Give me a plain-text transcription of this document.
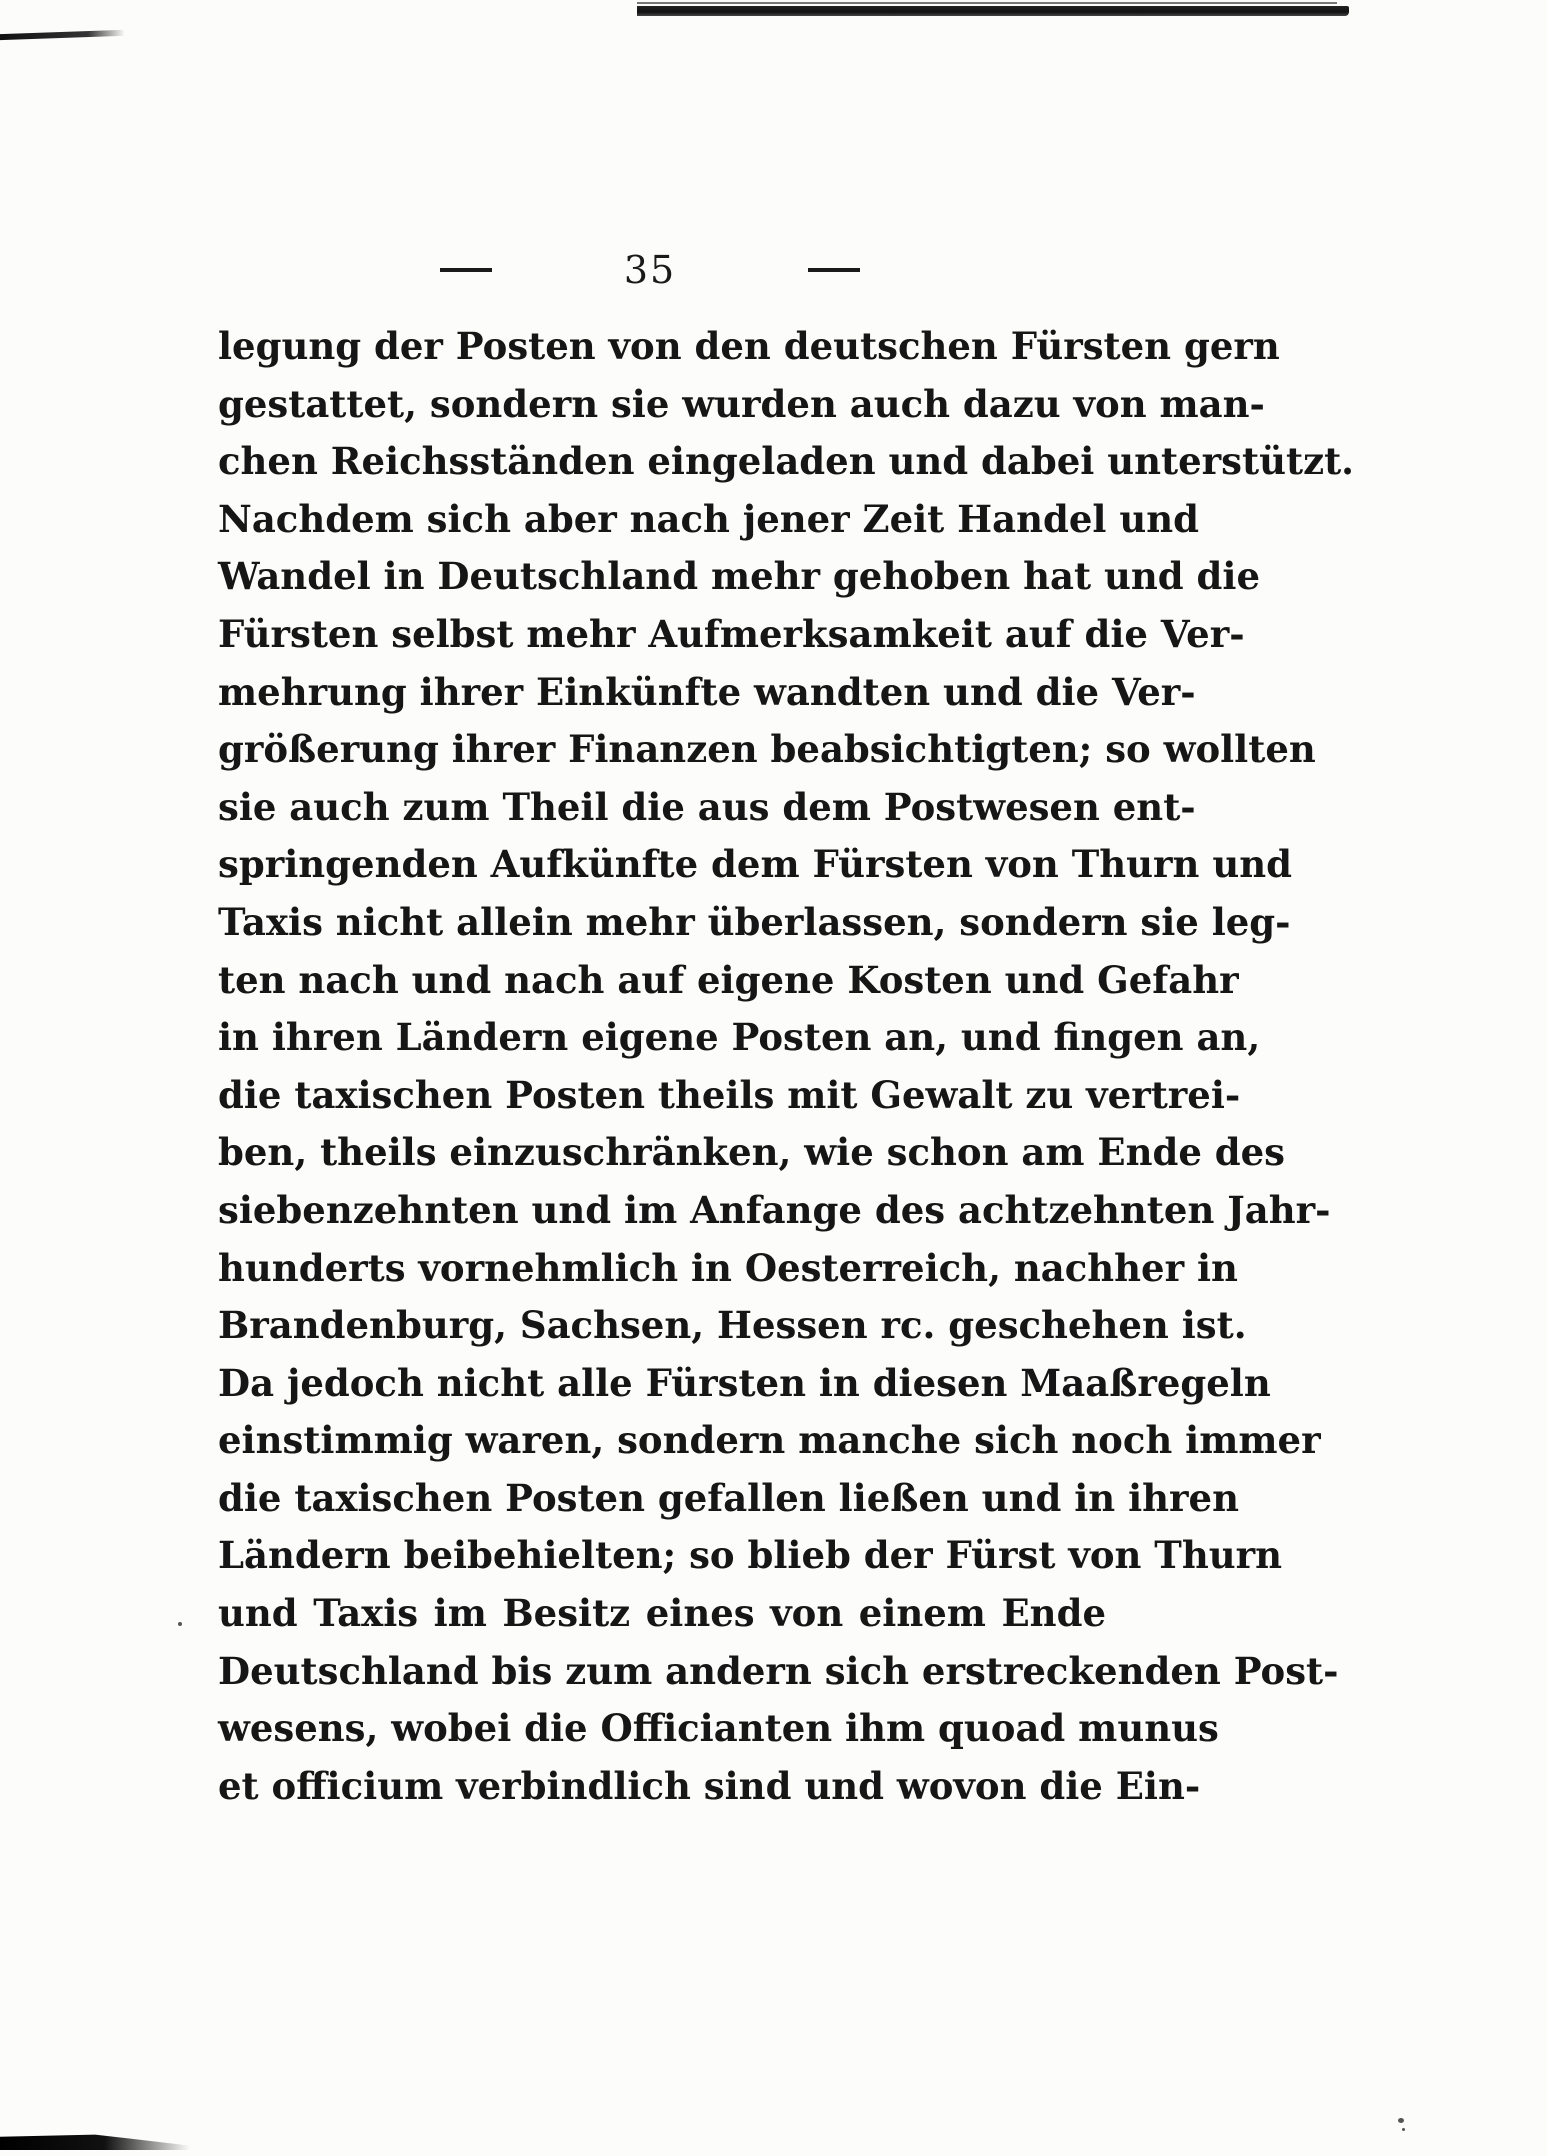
35
legung der Posten von den deutschen Fürsten gern
gestattet, sondern sie wurden auch dazu von man-
chen Reichsständen eingeladen und dabei unterstützt.
Nachdem sich aber nach jener Zeit Handel und
Wandel in Deutschland mehr gehoben hat und die
Fürsten selbst mehr Aufmerksamkeit auf die Ver-
mehrung ihrer Einkünfte wandten und die Ver-
größerung ihrer Finanzen beabsichtigten; so wollten
sie auch zum Theil die aus dem Postwesen ent-
springenden Aufkünfte dem Fürsten von Thurn und
Taxis nicht allein mehr überlassen, sondern sie leg-
ten nach und nach auf eigene Kosten und Gefahr
in ihren Ländern eigene Posten an, und fingen an,
die taxischen Posten theils mit Gewalt zu vertrei-
ben, theils einzuschränken, wie schon am Ende des
siebenzehnten und im Anfange des achtzehnten Jahr-
hunderts vornehmlich in Oesterreich, nachher in
Brandenburg, Sachsen, Hessen rc. geschehen ist.
Da jedoch nicht alle Fürsten in diesen Maaßregeln
einstimmig waren, sondern manche sich noch immer
die taxischen Posten gefallen ließen und in ihren
Ländern beibehielten; so blieb der Fürst von Thurn
und Taxis im Besitz eines von einem Ende
Deutschland bis zum andern sich erstreckenden Post-
wesens, wobei die Officianten ihm quoad munus
et officium verbindlich sind und wovon die Ein-
